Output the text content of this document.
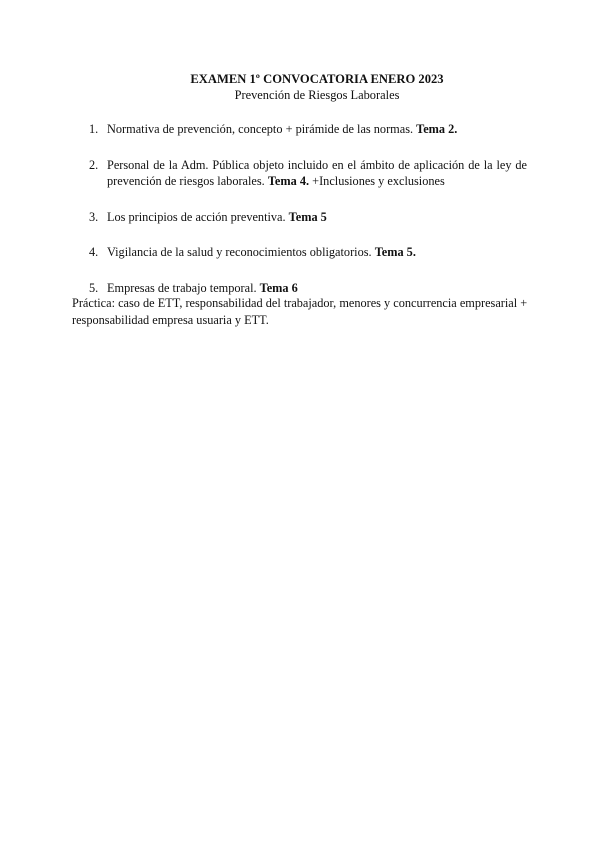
EXAMEN 1º CONVOCATORIA ENERO 2023

Prevención de Riesgos Laborales

1. Normativa de prevención, concepto + pirámide de las normas. Tema 2.
2. Personal de la Adm. Pública objeto incluido en el ámbito de aplicación de la ley de prevención de riesgos laborales. Tema 4. +Inclusiones y exclusiones
3. Los principios de acción preventiva. Tema 5
4. Vigilancia de la salud y reconocimientos obligatorios. Tema 5.
5. Empresas de trabajo temporal. Tema 6

Práctica: caso de ETT, responsabilidad del trabajador, menores y concurrencia empresarial + responsabilidad empresa usuaria y ETT.
